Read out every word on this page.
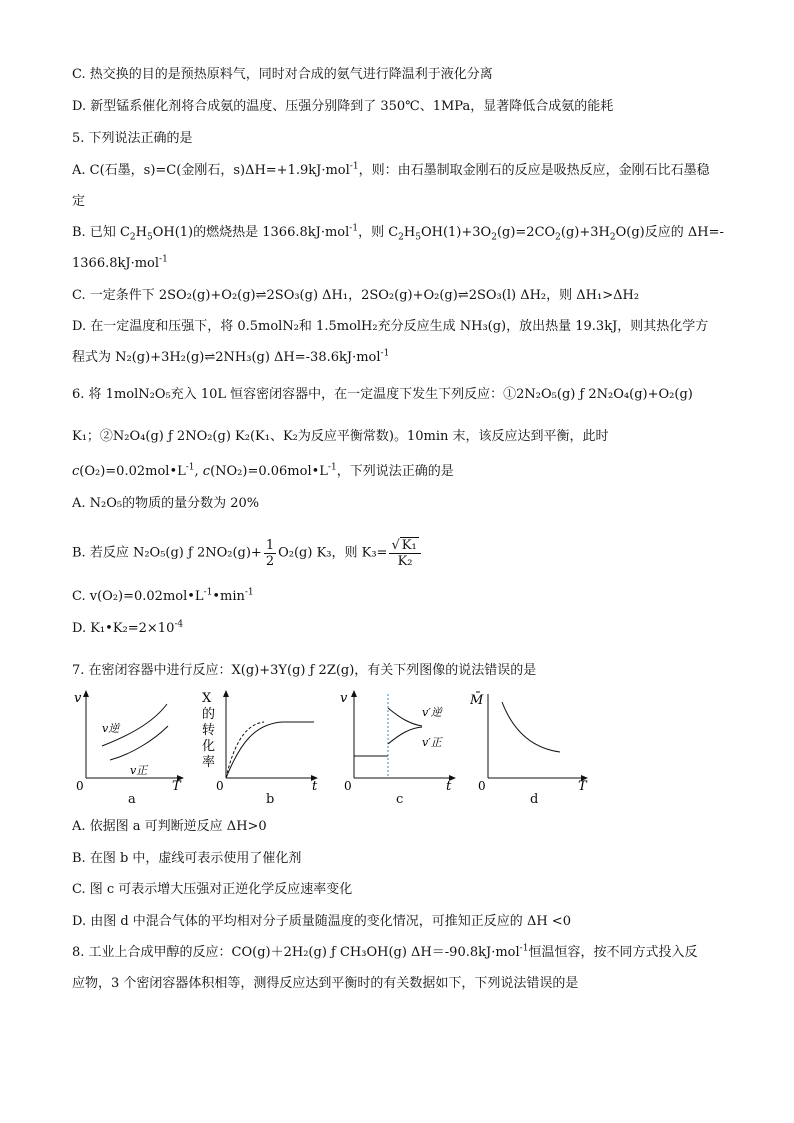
C. 热交换的目的是预热原料气，同时对合成的氨气进行降温利于液化分离
D. 新型锰系催化剂将合成氨的温度、压强分别降到了 350℃、1MPa，显著降低合成氨的能耗
5. 下列说法正确的是
A. C(石墨，s)=C(金刚石，s)ΔH=+1.9kJ·mol$^{-1}$，则：由石墨制取金刚石的反应是吸热反应，金刚石比石墨稳
定
B. 已知 $C_2H_5OH(1)$的燃烧热是 1366.8kJ·mol$^{-1}$，则 $C_2H_5OH(1)+3O_2(g)=2CO_2(g)+3H_2O(g)$反应的 ΔH=-
1366.8kJ·mol$^{-1}$
C. 一定条件下 2SO₂(g)+O₂(g)⇌2SO₃(g) ΔH₁，2SO₂(g)+O₂(g)⇌2SO₃(l) ΔH₂，则 ΔH₁>ΔH₂
D. 在一定温度和压强下，将 0.5molN₂和 1.5molH₂充分反应生成 NH₃(g)，放出热量 19.3kJ，则其热化学方
程式为 N₂(g)+3H₂(g)⇌2NH₃(g) ΔH=-38.6kJ·mol$^{-1}$
6. 将 1molN₂O₅充入 10L 恒容密闭容器中，在一定温度下发生下列反应：①2N₂O₅(g) ƒ 2N₂O₄(g)+O₂(g)
K₁；②N₂O₄(g) ƒ 2NO₂(g) K₂(K₁、K₂为反应平衡常数)。10min 末，该反应达到平衡，此时
$c(O_2)=0.02mol•L^{-1}$, $c(NO_2)=0.06mol•L^{-1}$，下列说法正确的是
A. N₂O₅的物质的量分数为 20%
B. 若反应 N₂O₅(g) ƒ $2NO_2(g)+ \frac{1}{2} O_2(g)$ K₃，则 $K_3= \frac{\text{√ K₁}}{\text{K₂}}$
C. $v(O_2)=0.02mol•L^{-1}•\min^{-1}$
D. $K_1•K_2=2\times 10^{-4}$
7. 在密闭容器中进行反应：X(g)+3Y(g) ƒ 2Z(g)，有关下列图像的说法错误的是
v
T
0
v逆
v正
a
X
的
转
化
率
t
0
b
v
t
0
v′逆
v′正
c
M̄
T
0
d
A. 依据图 a 可判断逆反应 ΔH>0
B. 在图 b 中，虚线可表示使用了催化剂
C. 图 c 可表示增大压强对正逆化学反应速率变化
D. 由图 d 中混合气体的平均相对分子质量随温度的变化情况，可推知正反应的 ΔH <0
8. 工业上合成甲醇的反应：CO(g)＋2H₂(g) ƒ CH₃OH(g) ΔH＝-90.8kJ·mol$^{-1}$恒温恒容，按不同方式投入反
应物，3 个密闭容器体积相等，测得反应达到平衡时的有关数据如下，下列说法错误的是
